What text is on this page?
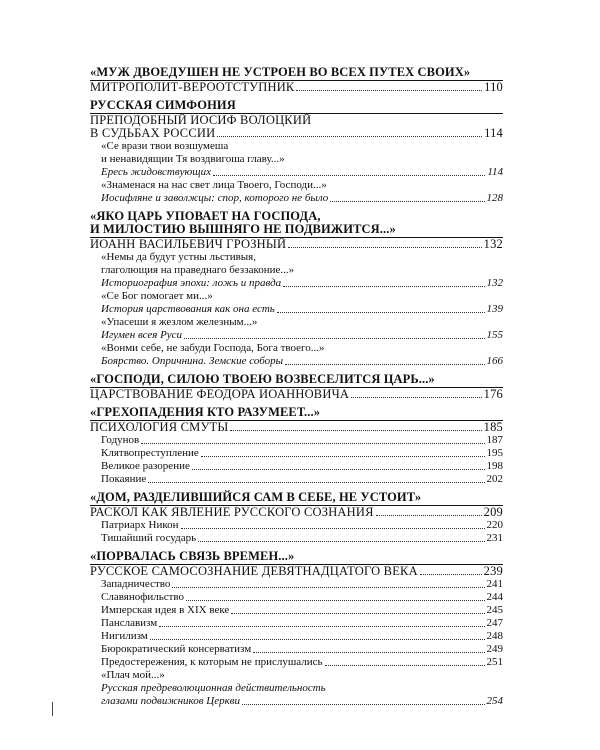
«МУЖ ДВОЕДУШЕН НЕ УСТРОЕН ВО ВСЕХ ПУТЕХ СВОИХ»
МИТРОПОЛИТ-ВЕРООТСТУПНИК	110
РУССКАЯ СИМФОНИЯ
ПРЕПОДОБНЫЙ ИОСИФ ВОЛОЦКИЙ
В СУДЬБАХ РОССИИ	114
«Се врази твои возшумеша
и ненавидящии Тя воздвигоша главу...»
Ересь жидовствующих	114
«Знаменася на нас свет лица Твоего, Господи...»
Иосифляне и заволжцы: спор, которого не было	128
«ЯКО ЦАРЬ УПОВАЕТ НА ГОСПОДА,
И МИЛОСТИЮ ВЫШНЯГО НЕ ПОДВИЖИТСЯ...»
ИОАНН ВАСИЛЬЕВИЧ ГРОЗНЫЙ	132
«Немы да будут устны льстивыя,
глаголющия на праведнаго беззаконие...»
Историография эпохи: ложь и правда	132
«Се Бог помогает ми...»
История царствования как она есть	139
«Упасеши я жезлом железным...»
Игумен всея Руси	155
«Вонми себе, не забуди Господа, Бога твоего...»
Боярство. Опричнина. Земские соборы	166
«ГОСПОДИ, СИЛОЮ ТВОЕЮ ВОЗВЕСЕЛИТСЯ ЦАРЬ...»
ЦАРСТВОВАНИЕ ФЕОДОРА ИОАННОВИЧА	176
«ГРЕХОПАДЕНИЯ КТО РАЗУМЕЕТ...»
ПСИХОЛОГИЯ СМУТЫ	185
Годунов	187
Клятвопреступление	195
Великое разорение	198
Покаяние	202
«ДОМ, РАЗДЕЛИВШИЙСЯ САМ В СЕБЕ, НЕ УСТОИТ»
РАСКОЛ КАК ЯВЛЕНИЕ РУССКОГО СОЗНАНИЯ	209
Патриарх Никон	220
Тишайший государь	231
«ПОРВАЛАСЬ СВЯЗЬ ВРЕМЕН...»
РУССКОЕ САМОСОЗНАНИЕ ДЕВЯТНАДЦАТОГО ВЕКА	239
Западничество	241
Славянофильство	244
Имперская идея в XIX веке	245
Панславизм	247
Нигилизм	248
Бюрократический консерватизм	249
Предостережения, к которым не прислушались	251
«Плач мой...»
Русская предреволюционная действительность
глазами подвижников Церкви	254
